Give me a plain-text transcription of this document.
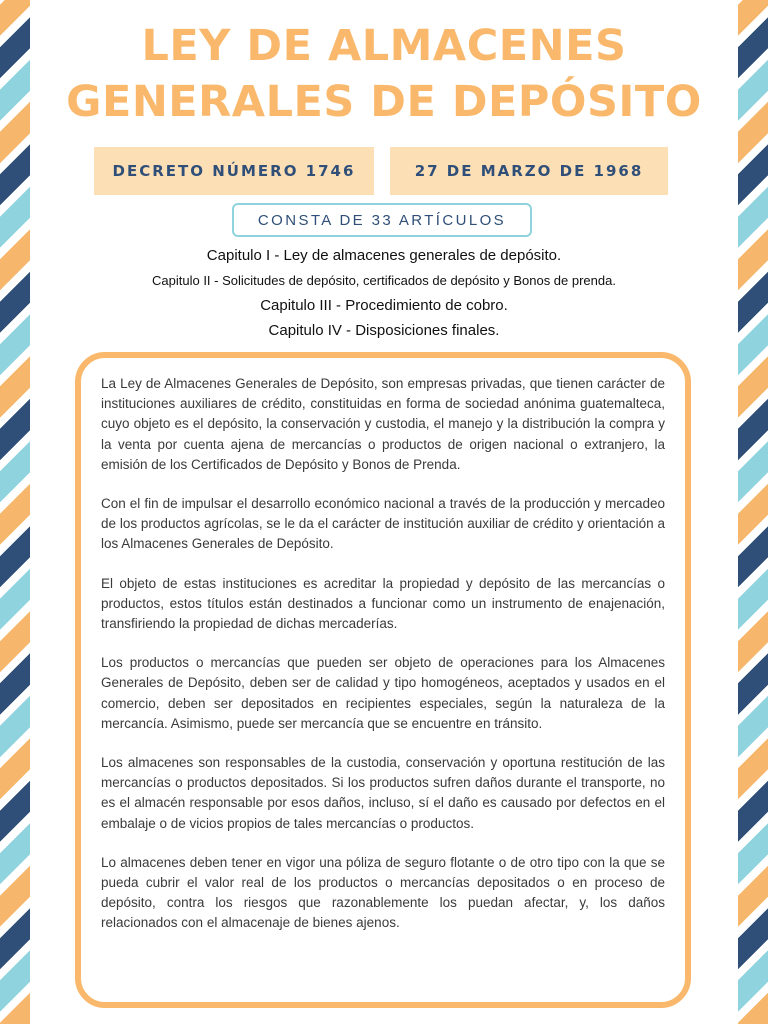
LEY DE ALMACENES
GENERALES DE DEPÓSITO
DECRETO NÚMERO 1746	27 DE MARZO DE 1968
CONSTA DE 33 ARTÍCULOS
Capitulo I - Ley de almacenes generales de depósito.
Capitulo II - Solicitudes de depósito, certificados de depósito y Bonos de prenda.
Capitulo III - Procedimiento de cobro.
Capitulo IV - Disposiciones finales.

La Ley de Almacenes Generales de Depósito, son empresas privadas, que tienen carácter de instituciones auxiliares de crédito, constituidas en forma de sociedad anónima guatemalteca, cuyo objeto es el depósito, la conservación y custodia, el manejo y la distribución la compra y la venta por cuenta ajena de mercancías o productos de origen nacional o extranjero, la emisión de los Certificados de Depósito y Bonos de Prenda.

Con el fin de impulsar el desarrollo económico nacional a través de la producción y mercadeo de los productos agrícolas, se le da el carácter de institución auxiliar de crédito y orientación a los Almacenes Generales de Depósito.

El objeto de estas instituciones es acreditar la propiedad y depósito de las mercancías o productos, estos títulos están destinados a funcionar como un instrumento de enajenación, transfiriendo la propiedad de dichas mercaderías.

Los productos o mercancías que pueden ser objeto de operaciones para los Almacenes Generales de Depósito, deben ser de calidad y tipo homogéneos, aceptados y usados en el comercio, deben ser depositados en recipientes especiales, según la naturaleza de la mercancía. Asimismo, puede ser mercancía que se encuentre en tránsito.

Los almacenes son responsables de la custodia, conservación y oportuna restitución de las mercancías o productos depositados. Si los productos sufren daños durante el transporte, no es el almacén responsable por esos daños, incluso, sí el daño es causado por defectos en el embalaje o de vicios propios de tales mercancías o productos.

Lo almacenes deben tener en vigor una póliza de seguro flotante o de otro tipo con la que se pueda cubrir el valor real de los productos o mercancías depositados o en proceso de depósito, contra los riesgos que razonablemente los puedan afectar, y, los daños relacionados con el almacenaje de bienes ajenos.
